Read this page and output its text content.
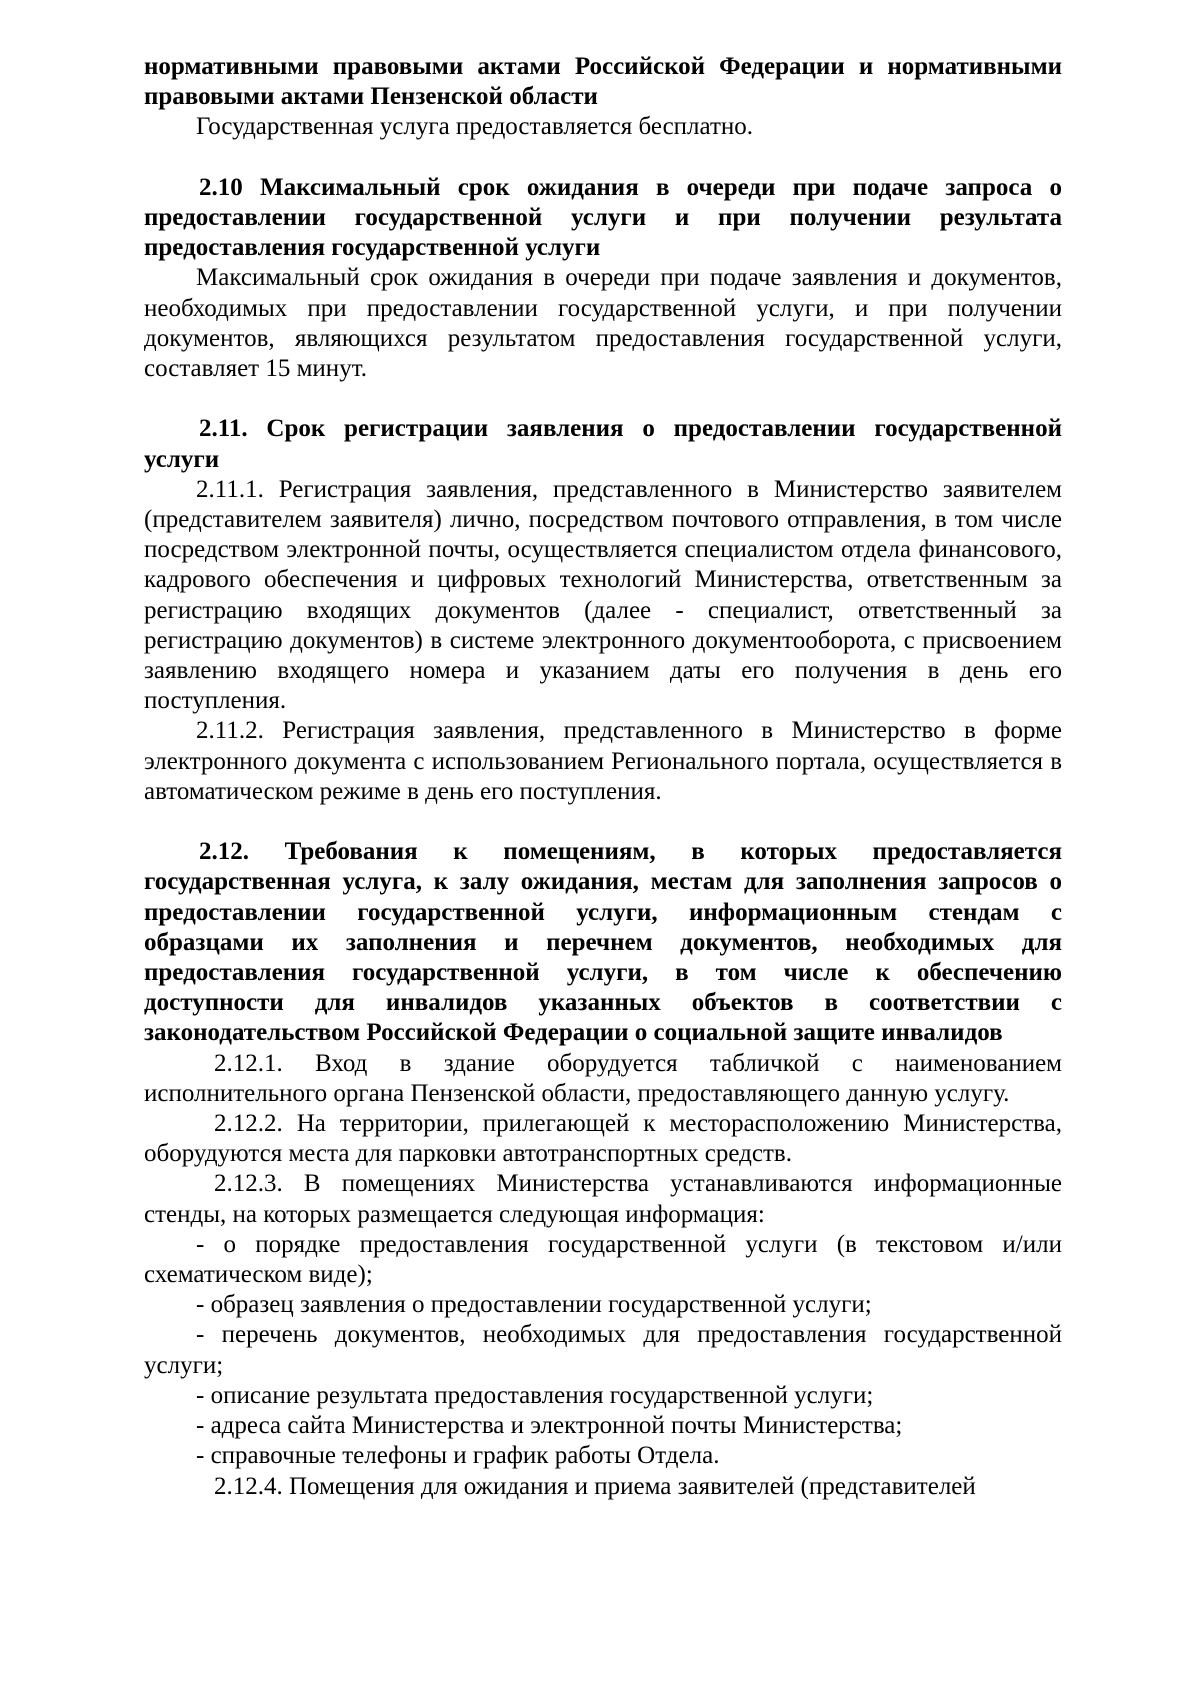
нормативными правовыми актами Российской Федерации и нормативными правовыми актами Пензенской области

Государственная услуга предоставляется бесплатно.

2.10 Максимальный срок ожидания в очереди при подаче запроса о предоставлении государственной услуги и при получении результата предоставления государственной услуги

Максимальный срок ожидания в очереди при подаче заявления и документов, необходимых при предоставлении государственной услуги, и при получении документов, являющихся результатом предоставления государственной услуги, составляет 15 минут.

2.11. Срок регистрации заявления о предоставлении государственной услуги

2.11.1. Регистрация заявления, представленного в Министерство заявителем (представителем заявителя) лично, посредством почтового отправления, в том числе посредством электронной почты, осуществляется специалистом отдела финансового, кадрового обеспечения и цифровых технологий Министерства, ответственным за регистрацию входящих документов (далее - специалист, ответственный за регистрацию документов) в системе электронного документооборота, с присвоением заявлению входящего номера и указанием даты его получения в день его поступления.

2.11.2. Регистрация заявления, представленного в Министерство в форме электронного документа с использованием Регионального портала, осуществляется в автоматическом режиме в день его поступления.

2.12. Требования к помещениям, в которых предоставляется государственная услуга, к залу ожидания, местам для заполнения запросов о предоставлении государственной услуги, информационным стендам с образцами их заполнения и перечнем документов, необходимых для предоставления государственной услуги, в том числе к обеспечению доступности для инвалидов указанных объектов в соответствии с законодательством Российской Федерации о социальной защите инвалидов

2.12.1. Вход в здание оборудуется табличкой с наименованием исполнительного органа Пензенской области, предоставляющего данную услугу.

2.12.2. На территории, прилегающей к месторасположению Министерства, оборудуются места для парковки автотранспортных средств.

2.12.3. В помещениях Министерства устанавливаются информационные стенды, на которых размещается следующая информация:

- о порядке предоставления государственной услуги (в текстовом и/или схематическом виде);

- образец заявления о предоставлении государственной услуги;

- перечень документов, необходимых для предоставления государственной услуги;

- описание результата предоставления государственной услуги;

- адреса сайта Министерства и электронной почты Министерства;

- справочные телефоны и график работы Отдела.

2.12.4. Помещения для ожидания и приема заявителей (представителей
